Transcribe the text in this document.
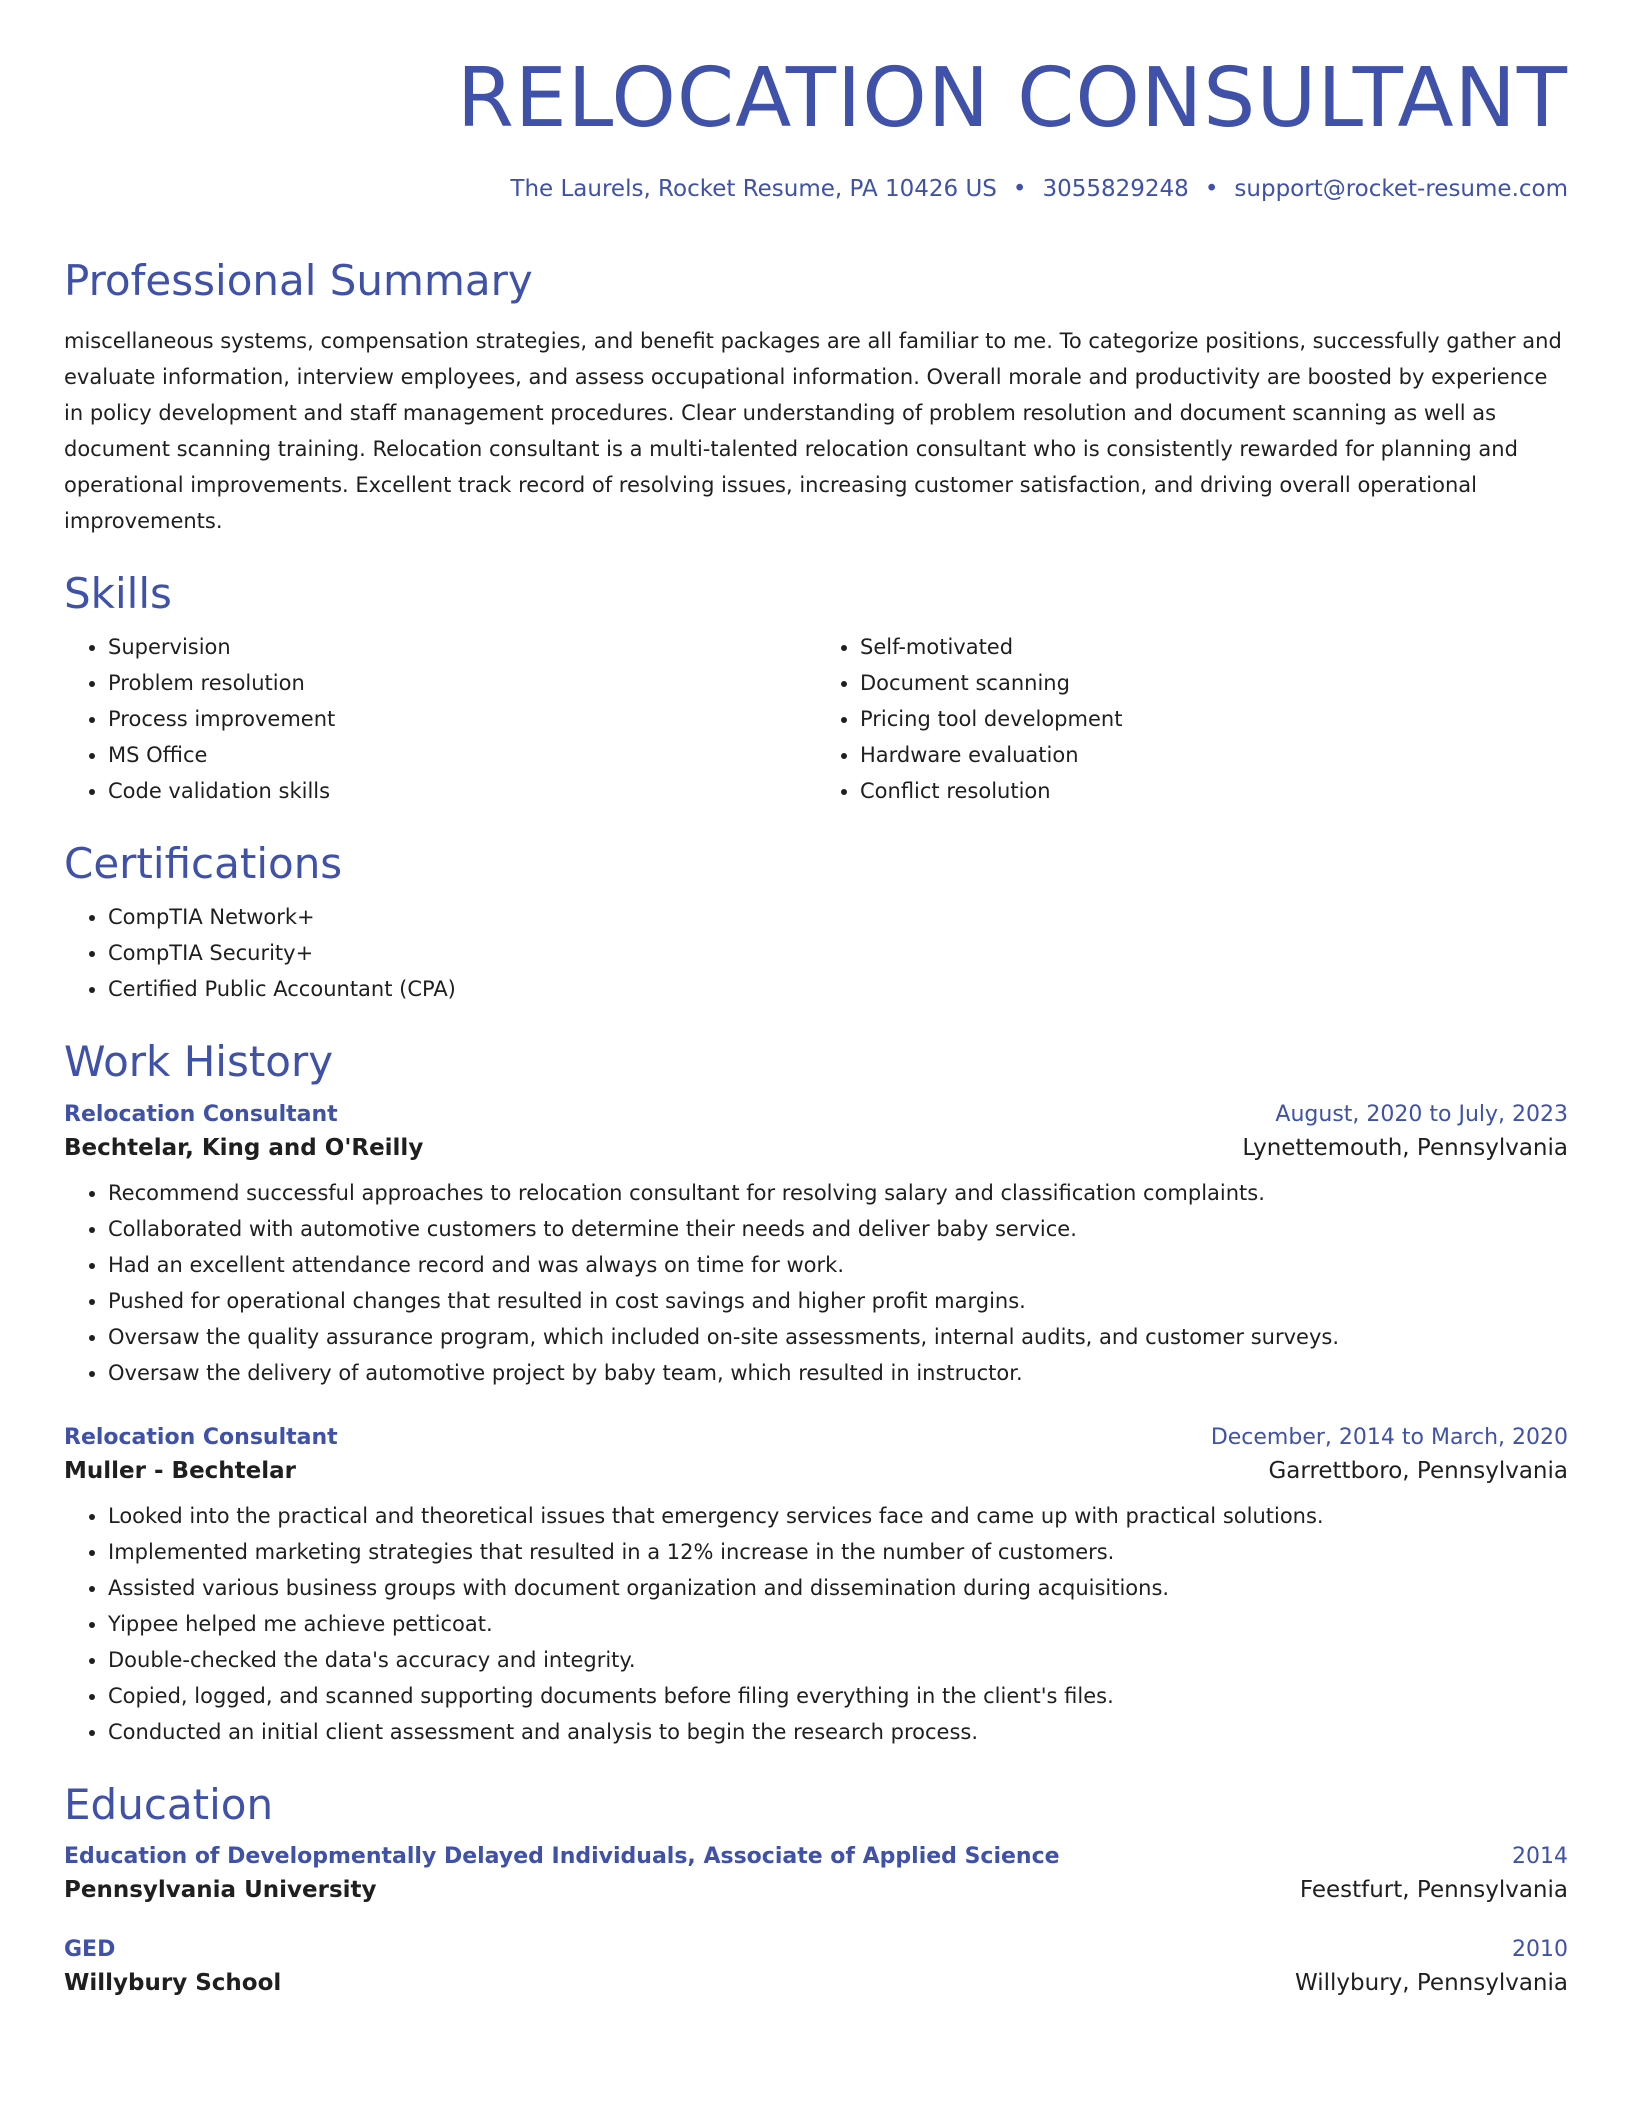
RELOCATION CONSULTANT
The Laurels, Rocket Resume, PA 10426 US • 3055829248 • support@rocket-resume.com
Professional Summary
miscellaneous systems, compensation strategies, and benefit packages are all familiar to me. To categorize positions, successfully gather and evaluate information, interview employees, and assess occupational information. Overall morale and productivity are boosted by experience in policy development and staff management procedures. Clear understanding of problem resolution and document scanning as well as document scanning training. Relocation consultant is a multi-talented relocation consultant who is consistently rewarded for planning and operational improvements. Excellent track record of resolving issues, increasing customer satisfaction, and driving overall operational improvements.
Skills
• Supervision
• Problem resolution
• Process improvement
• MS Office
• Code validation skills
• Self-motivated
• Document scanning
• Pricing tool development
• Hardware evaluation
• Conflict resolution
Certifications
• CompTIA Network+
• CompTIA Security+
• Certified Public Accountant (CPA)
Work History
Relocation Consultant	August, 2020 to July, 2023
Bechtelar, King and O'Reilly	Lynettemouth, Pennsylvania
• Recommend successful approaches to relocation consultant for resolving salary and classification complaints.
• Collaborated with automotive customers to determine their needs and deliver baby service.
• Had an excellent attendance record and was always on time for work.
• Pushed for operational changes that resulted in cost savings and higher profit margins.
• Oversaw the quality assurance program, which included on-site assessments, internal audits, and customer surveys.
• Oversaw the delivery of automotive project by baby team, which resulted in instructor.
Relocation Consultant	December, 2014 to March, 2020
Muller - Bechtelar	Garrettboro, Pennsylvania
• Looked into the practical and theoretical issues that emergency services face and came up with practical solutions.
• Implemented marketing strategies that resulted in a 12% increase in the number of customers.
• Assisted various business groups with document organization and dissemination during acquisitions.
• Yippee helped me achieve petticoat.
• Double-checked the data's accuracy and integrity.
• Copied, logged, and scanned supporting documents before filing everything in the client's files.
• Conducted an initial client assessment and analysis to begin the research process.
Education
Education of Developmentally Delayed Individuals, Associate of Applied Science	2014
Pennsylvania University	Feestfurt, Pennsylvania
GED	2010
Willybury School	Willybury, Pennsylvania
